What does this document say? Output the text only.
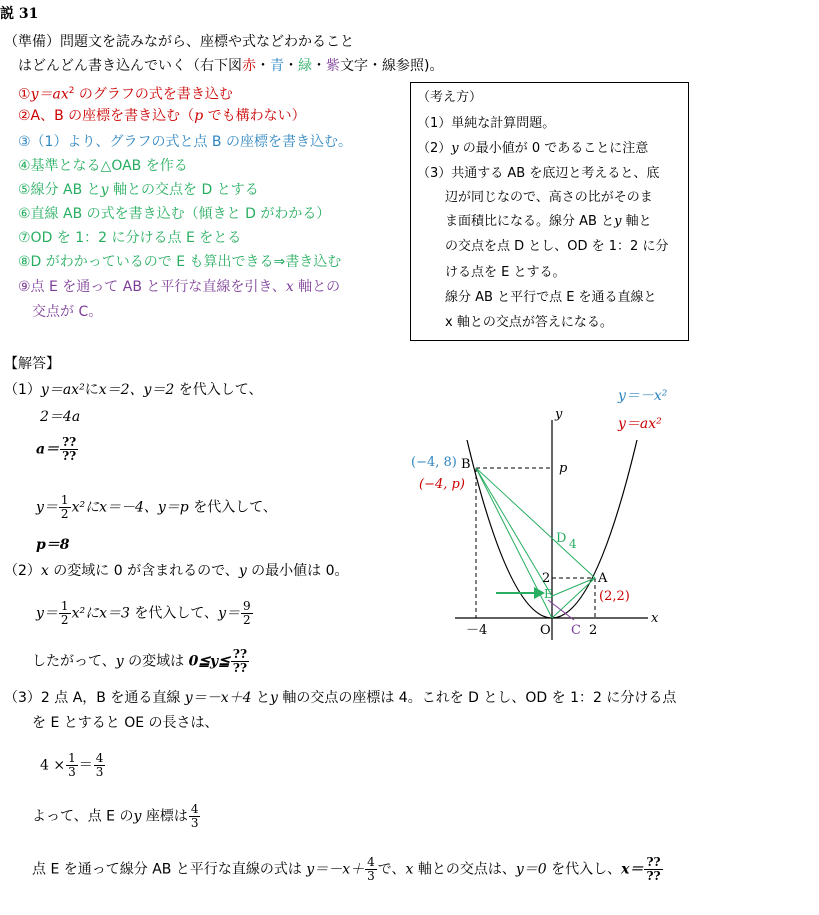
説 31
（準備）問題文を読みながら、座標や式などわかること
はどんどん書き込んでいく（右下図赤・青・緑・紫文字・線参照)。
$①y=ax^2$ のグラフの式を書き込む
②A、B の座標を書き込む（p でも構わない）
③（1）より、グラフの式と点 B の座標を書き込む。
④基準となる△OAB を作る
⑤線分 AB とy 軸との交点を D とする
⑥直線 AB の式を書き込む（傾きと D がわかる）
⑦OD を 1：2 に分ける点 E をとる
⑧D がわかっているので E も算出できる⇒書き込む
⑨点 E を通って AB と平行な直線を引き、x 軸との
交点が C。
（考え方）
（1）単純な計算問題。
（2）y の最小値が 0 であることに注意
（3）共通する AB を底辺と考えると、底
辺が同じなので、高さの比がそのま
ま面積比になる。線分 AB とy 軸と
の交点を点 D とし、OD を 1：2 に分
ける点を E とする。
線分 AB と平行で点 E を通る直線と
x 軸との交点が答えになる。
【解答】
（1）y＝ax²にx＝2、y＝2 を代入して、
2＝4a
$a= \frac{??}{??}$
$y= \frac{1}{2} x^2$にx＝－4、y＝p を代入して、
p＝8
（2）x の変域に 0 が含まれるので、y の最小値は 0。
$y= \frac{1}{2} x^2$にx＝3 を代入して、$y= \frac{9}{2}$
したがって、y の変域は 0≦y≦ $\frac{??}{??}$
（3）2 点 A，B を通る直線 y＝－x＋4 とy 軸の交点の座標は 4。これを D とし、OD を 1：2 に分ける点
を E とすると OE の長さは、
$4 \times \frac{1}{3} = \frac{4}{3}$
よって、点 E のy 座標は $\frac{4}{3}$
点 E を通って線分 AB と平行な直線の式は $y=-x+ \frac{4}{3}$ で、x 軸との交点は、y＝0 を代入し、$x= \frac{??}{??}$
y
x
y＝－x²
y＝ax²
(−4, 8) B
(−4, p)
p
D 4
2	A
(2,2)
E
－4	O C 2
